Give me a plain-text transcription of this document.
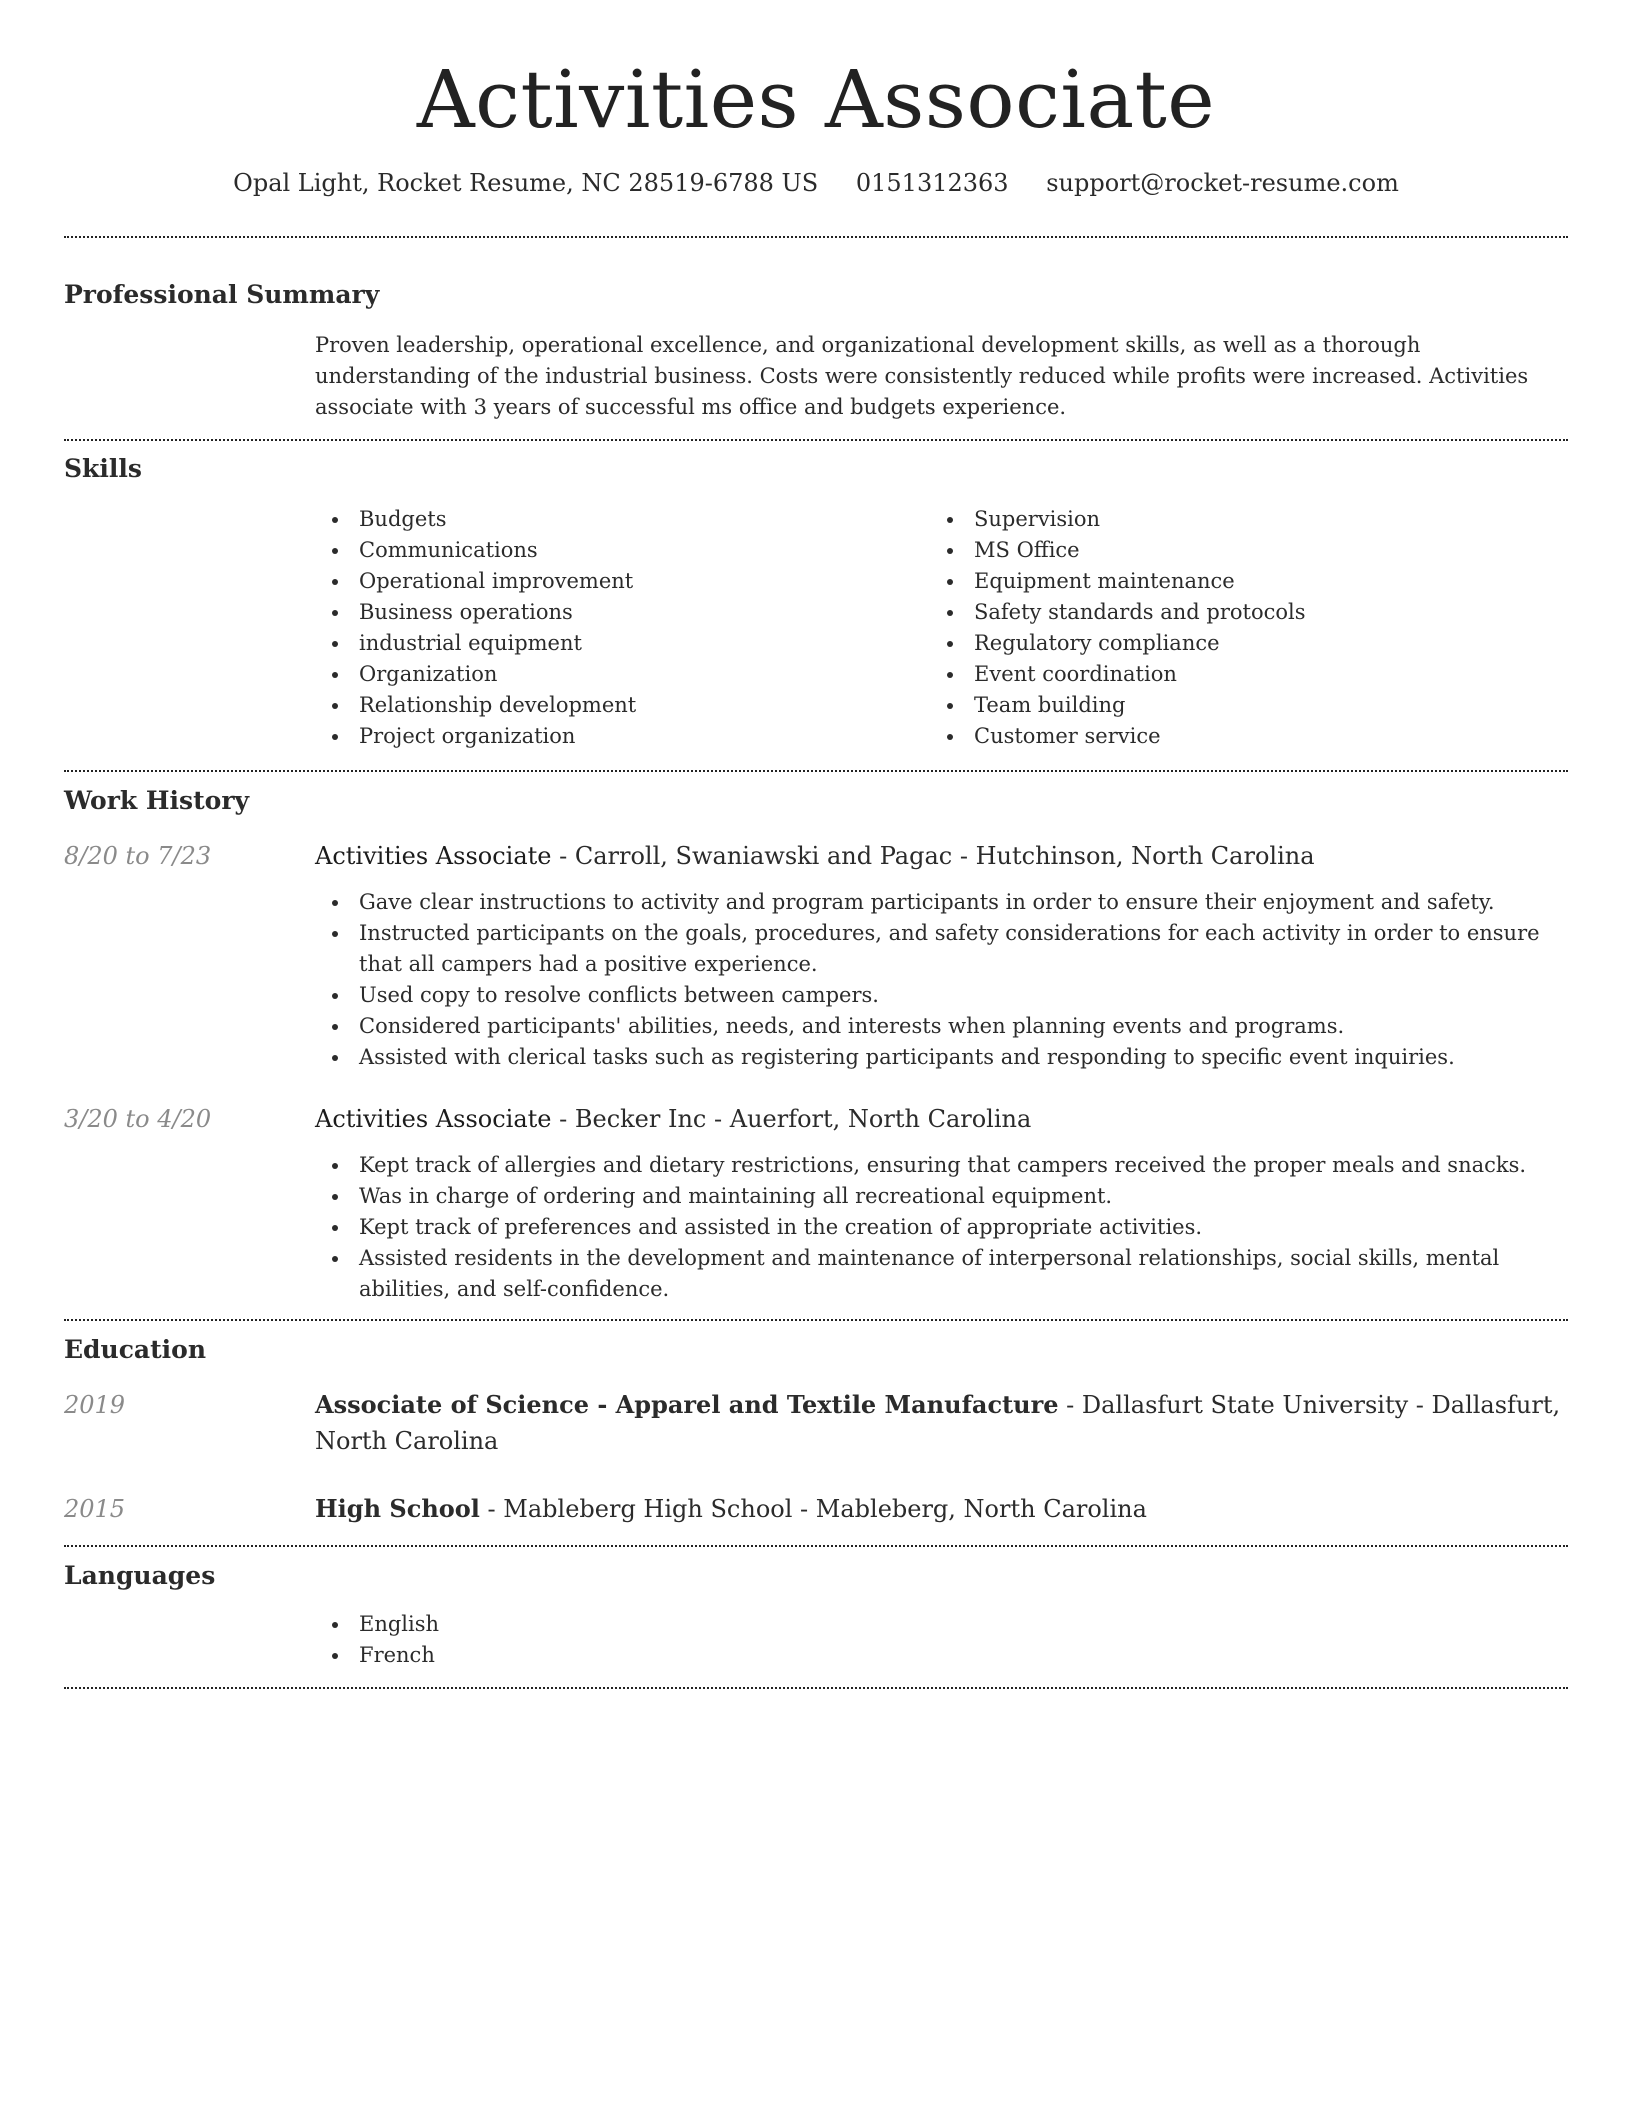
Activities Associate
Opal Light, Rocket Resume, NC 28519-6788 US 0151312363 support@rocket-resume.com
Professional Summary

Proven leadership, operational excellence, and organizational development skills, as well as a thorough understanding of the industrial business. Costs were consistently reduced while profits were increased. Activities associate with 3 years of successful ms office and budgets experience.

Skills
Budgets
Communications
Operational improvement
Business operations
industrial equipment
Organization
Relationship development
Project organization
Supervision
MS Office
Equipment maintenance
Safety standards and protocols
Regulatory compliance
Event coordination
Team building
Customer service
Work History
8/20 to 7/23	Activities Associate - Carroll, Swaniawski and Pagac - Hutchinson, North Carolina
Gave clear instructions to activity and program participants in order to ensure their enjoyment and safety.
Instructed participants on the goals, procedures, and safety considerations for each activity in order to ensure that all campers had a positive experience.
Used copy to resolve conflicts between campers.
Considered participants' abilities, needs, and interests when planning events and programs.
Assisted with clerical tasks such as registering participants and responding to specific event inquiries.
3/20 to 4/20	Activities Associate - Becker Inc - Auerfort, North Carolina
Kept track of allergies and dietary restrictions, ensuring that campers received the proper meals and snacks.
Was in charge of ordering and maintaining all recreational equipment.
Kept track of preferences and assisted in the creation of appropriate activities.
Assisted residents in the development and maintenance of interpersonal relationships, social skills, mental abilities, and self-confidence.
Education
2019	Associate of Science - Apparel and Textile Manufacture - Dallasfurt State University - Dallasfurt, North Carolina
2015	High School - Mableberg High School - Mableberg, North Carolina
Languages
English
French
